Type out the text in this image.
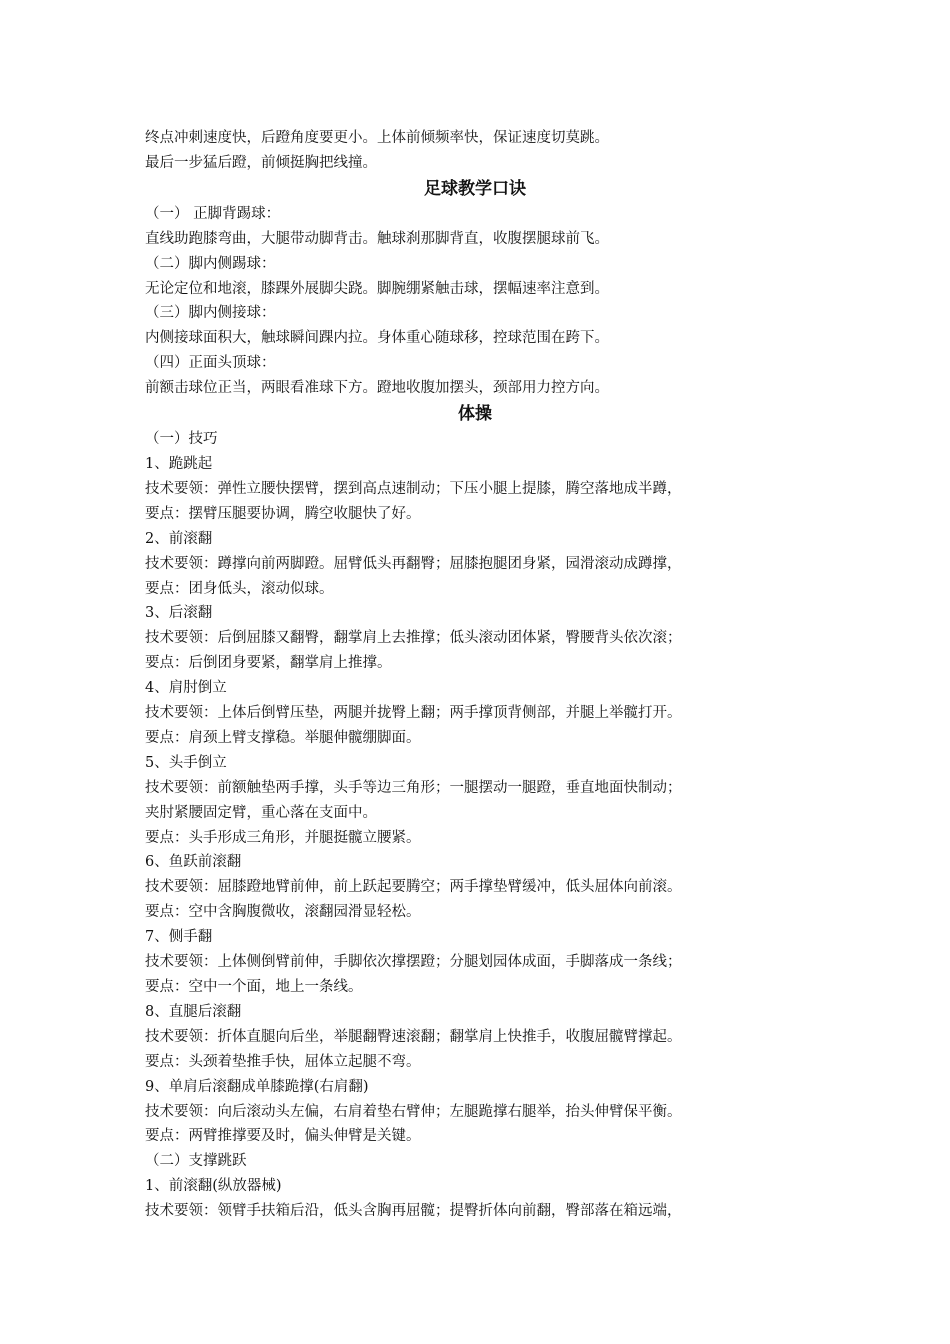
终点冲刺速度快，后蹬角度要更小。上体前倾频率快，保证速度切莫跳。
最后一步猛后蹬，前倾挺胸把线撞。
足球教学口诀
（一） 正脚背踢球：
直线助跑膝弯曲，大腿带动脚背击。触球刹那脚背直，收腹摆腿球前飞。
（二）脚内侧踢球：
无论定位和地滚，膝踝外展脚尖跷。脚腕绷紧触击球，摆幅速率注意到。
（三）脚内侧接球：
内侧接球面积大，触球瞬间踝内拉。身体重心随球移，控球范围在跨下。
（四）正面头顶球：
前额击球位正当，两眼看准球下方。蹬地收腹加摆头，颈部用力控方向。
体操
（一）技巧
1、跪跳起
技术要领：弹性立腰快摆臂，摆到高点速制动；下压小腿上提膝，腾空落地成半蹲，
要点：摆臂压腿要协调，腾空收腿快了好。
2、前滚翻
技术要领：蹲撑向前两脚蹬。屈臂低头再翻臀；屈膝抱腿团身紧，园滑滚动成蹲撑，
要点：团身低头，滚动似球。
3、后滚翻
技术要领：后倒屈膝又翻臀，翻掌肩上去推撑；低头滚动团体紧，臀腰背头依次滚；
要点：后倒团身要紧，翻掌肩上推撑。
4、肩肘倒立
技术要领：上体后倒臂压垫，两腿并拢臀上翻；两手撑顶背侧部，并腿上举髋打开。
要点：肩颈上臂支撑稳。举腿伸髋绷脚面。
5、头手倒立
技术要领：前额触垫两手撑，头手等边三角形；一腿摆动一腿蹬，垂直地面快制动；
夹肘紧腰固定臂，重心落在支面中。
要点：头手形成三角形，并腿挺髋立腰紧。
6、鱼跃前滚翻
技术要领：屈膝蹬地臂前伸，前上跃起要腾空；两手撑垫臂缓冲，低头屈体向前滚。
要点：空中含胸腹微收，滚翻园滑显轻松。
7、侧手翻
技术要领：上体侧倒臂前伸，手脚依次撑摆蹬；分腿划园体成面，手脚落成一条线；
要点：空中一个面，地上一条线。
8、直腿后滚翻
技术要领：折体直腿向后坐，举腿翻臀速滚翻；翻掌肩上快推手，收腹屈髋臂撑起。
要点：头颈着垫推手快，屈体立起腿不弯。
9、单肩后滚翻成单膝跪撑(右肩翻)
技术要领：向后滚动头左偏，右肩着垫右臂伸；左腿跪撑右腿举，抬头伸臂保平衡。
要点：两臂推撑要及时，偏头伸臂是关键。
（二）支撑跳跃
1、前滚翻(纵放器械)
技术要领：领臂手扶箱后沿，低头含胸再屈髋；提臀折体向前翻，臀部落在箱远端，
